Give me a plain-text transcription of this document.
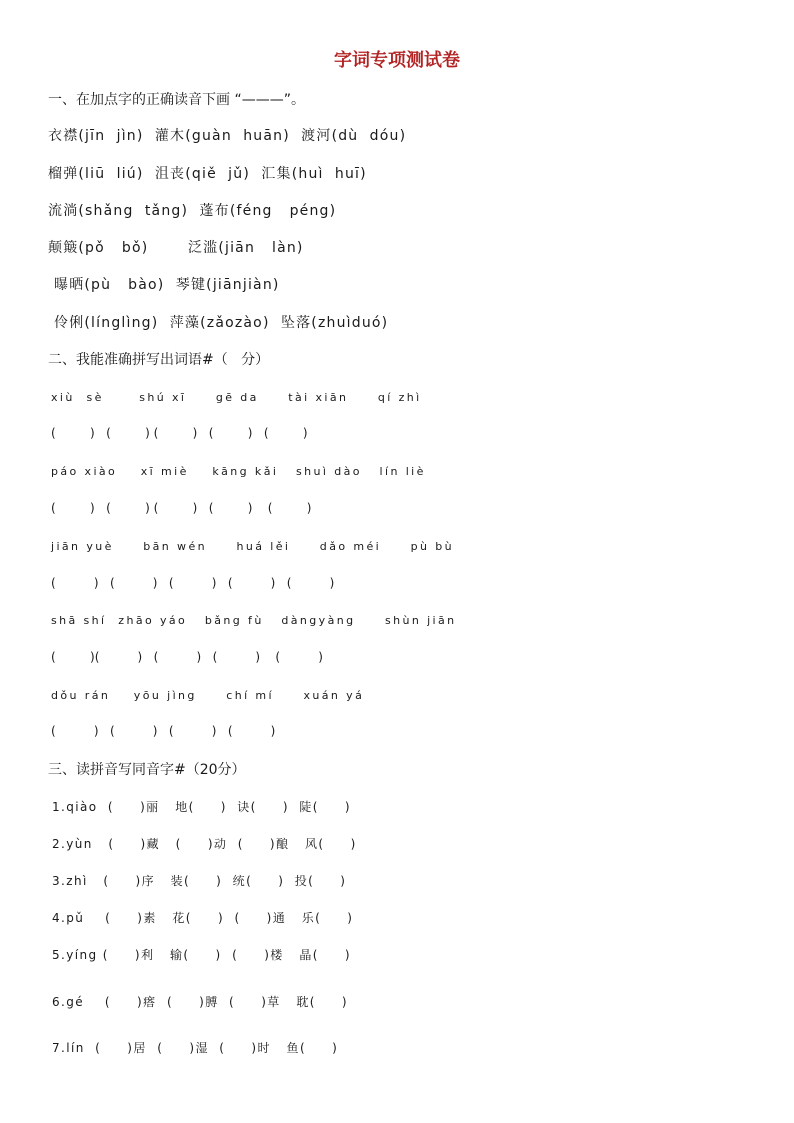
字词专项测试卷
一、在加点字的正确读音下画 “———”。
衣襟(jīn  jìn)  灌木(guàn  huān)  渡河(dù  dóu)
榴弹(liū  liú)  沮丧(qiě  jǔ)  汇集(huì  huī)
流淌(shǎng  tǎng)  蓬布(féng   péng)
颠簸(pǒ   bǒ)       泛滥(jiān   làn)
曝晒(pù   bào)  琴键(jiānjiàn)
伶俐(línglìng)  萍藻(zǎozào)  坠落(zhuìduó)
二、我能准确拼写出词语#（   分）
xiù  sè      shú xī     gē da     tài xiān     qí zhì
(         )   (         ) (         )   (         )   (         )
páo xiào    xī miè    kāng kǎi   shuì dào   lín liè
(         )   (         ) (         )   (         )    (         )
jiān yuè     bān wén     huá lěi     dǎo méi     pù bù
(          )   (          )   (          )   (          )   (          )
shā shí  zhāo yáo   bǎng fù   dàngyàng     shùn jiān
(         )(          )   (          )   (          )    (          )
dǒu rán    yōu jìng     chí mí     xuán yá
(          )   (          )   (          )   (          )
三、读拼音写同音字#（20分）
1.qiào  (     )丽   地(     )  诀(     )  陡(     )
2.yùn   (     )藏   (     )动  (     )酿   风(     )
3.zhì   (     )序   装(     )  统(     )  投(     )
4.pǔ    (     )素   花(     )  (     )通   乐(     )
5.yíng (     )利   输(     )  (     )楼   晶(     )
6.gé    (     )瘩  (     )膊  (     )草   耽(     )
7.lín  (     )居  (     )湿  (     )时   鱼(     )
